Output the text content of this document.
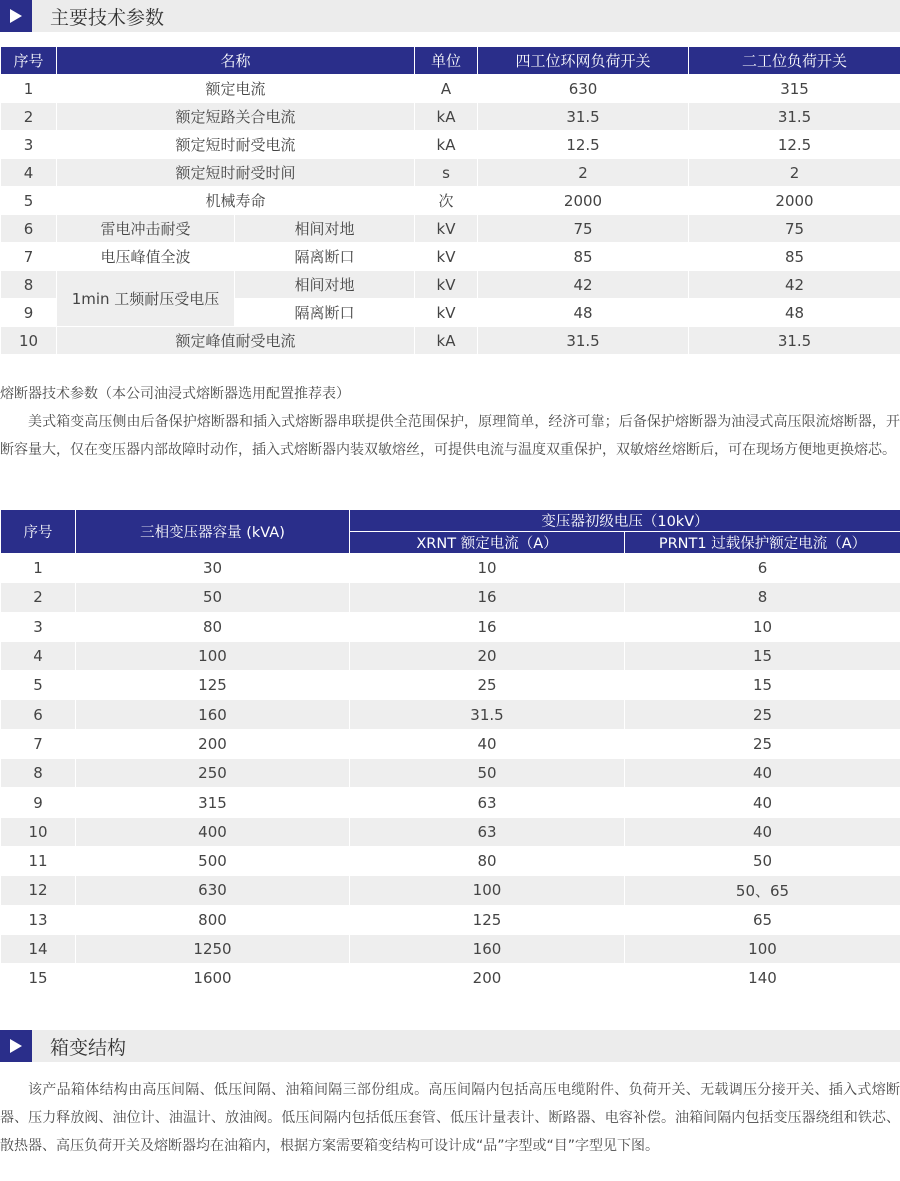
主要技术参数
序号	名称		单位	四工位环网负荷开关	二工位负荷开关
1	额定电流		A	630	315
2	额定短路关合电流		kA	31.5	31.5
3	额定短时耐受电流		kA	12.5	12.5
4	额定短时耐受时间		s	2	2
5	机械寿命		次	2000	2000
6	雷电冲击耐受	相间对地	kV	75	75
7	电压峰值全波	隔离断口	kV	85	85
8	1min 工频耐压受电压	相间对地	kV	42	42
9		隔离断口	kV	48	48
10	额定峰值耐受电流		kA	31.5	31.5
熔断器技术参数（本公司油浸式熔断器选用配置推荐表）
美式箱变高压侧由后备保护熔断器和插入式熔断器串联提供全范围保护，原理简单，经济可靠；后备保护熔断器为油浸式高压限流熔断器，开断容量大，仅在变压器内部故障时动作，插入式熔断器内装双敏熔丝，可提供电流与温度双重保护，双敏熔丝熔断后，可在现场方便地更换熔芯。
序号	三相变压器容量 (kVA)	变压器初级电压（10kV）	
		XRNT 额定电流（A）	PRNT1 过载保护额定电流（A）
1	30	10	6
2	50	16	8
3	80	16	10
4	100	20	15
5	125	25	15
6	160	31.5	25
7	200	40	25
8	250	50	40
9	315	63	40
10	400	63	40
11	500	80	50
12	630	100	50、65
13	800	125	65
14	1250	160	100
15	1600	200	140
箱变结构
该产品箱体结构由高压间隔、低压间隔、油箱间隔三部份组成。高压间隔内包括高压电缆附件、负荷开关、无载调压分接开关、插入式熔断器、压力释放阀、油位计、油温计、放油阀。低压间隔内包括低压套管、低压计量表计、断路器、电容补偿。油箱间隔内包括变压器绕组和铁芯、散热器、高压负荷开关及熔断器均在油箱内，根据方案需要箱变结构可设计成“品”字型或“目”字型见下图。
